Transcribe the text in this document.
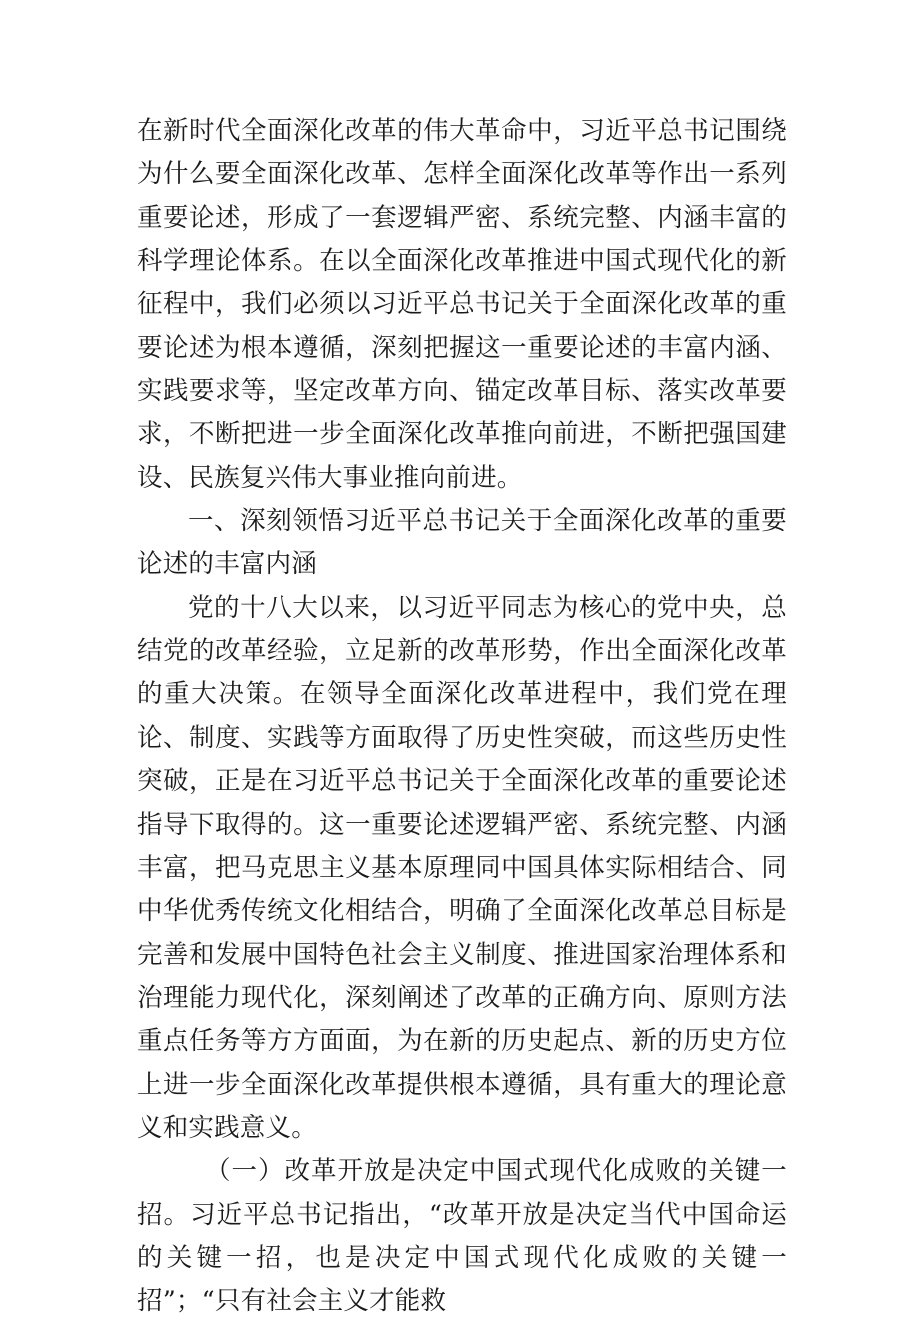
在新时代全面深化改革的伟大革命中，习近平总书记围绕为什么要全面深化改革、怎样全面深化改革等作出一系列重要论述，形成了一套逻辑严密、系统完整、内涵丰富的科学理论体系。在以全面深化改革推进中国式现代化的新征程中，我们必须以习近平总书记关于全面深化改革的重要论述为根本遵循，深刻把握这一重要论述的丰富内涵、实践要求等，坚定改革方向、锚定改革目标、落实改革要求，不断把进一步全面深化改革推向前进，不断把强国建设、民族复兴伟大事业推向前进。

一、深刻领悟习近平总书记关于全面深化改革的重要论述的丰富内涵

党的十八大以来，以习近平同志为核心的党中央，总结党的改革经验，立足新的改革形势，作出全面深化改革的重大决策。在领导全面深化改革进程中，我们党在理论、制度、实践等方面取得了历史性突破，而这些历史性突破，正是在习近平总书记关于全面深化改革的重要论述指导下取得的。这一重要论述逻辑严密、系统完整、内涵丰富，把马克思主义基本原理同中国具体实际相结合、同中华优秀传统文化相结合，明确了全面深化改革总目标是完善和发展中国特色社会主义制度、推进国家治理体系和治理能力现代化，深刻阐述了改革的正确方向、原则方法重点任务等方方面面，为在新的历史起点、新的历史方位上进一步全面深化改革提供根本遵循，具有重大的理论意义和实践意义。

（一）改革开放是决定中国式现代化成败的关键一招。习近平总书记指出，“改革开放是决定当代中国命运的关键一招，也是决定中国式现代化成败的关键一招”；“只有社会主义才能救
